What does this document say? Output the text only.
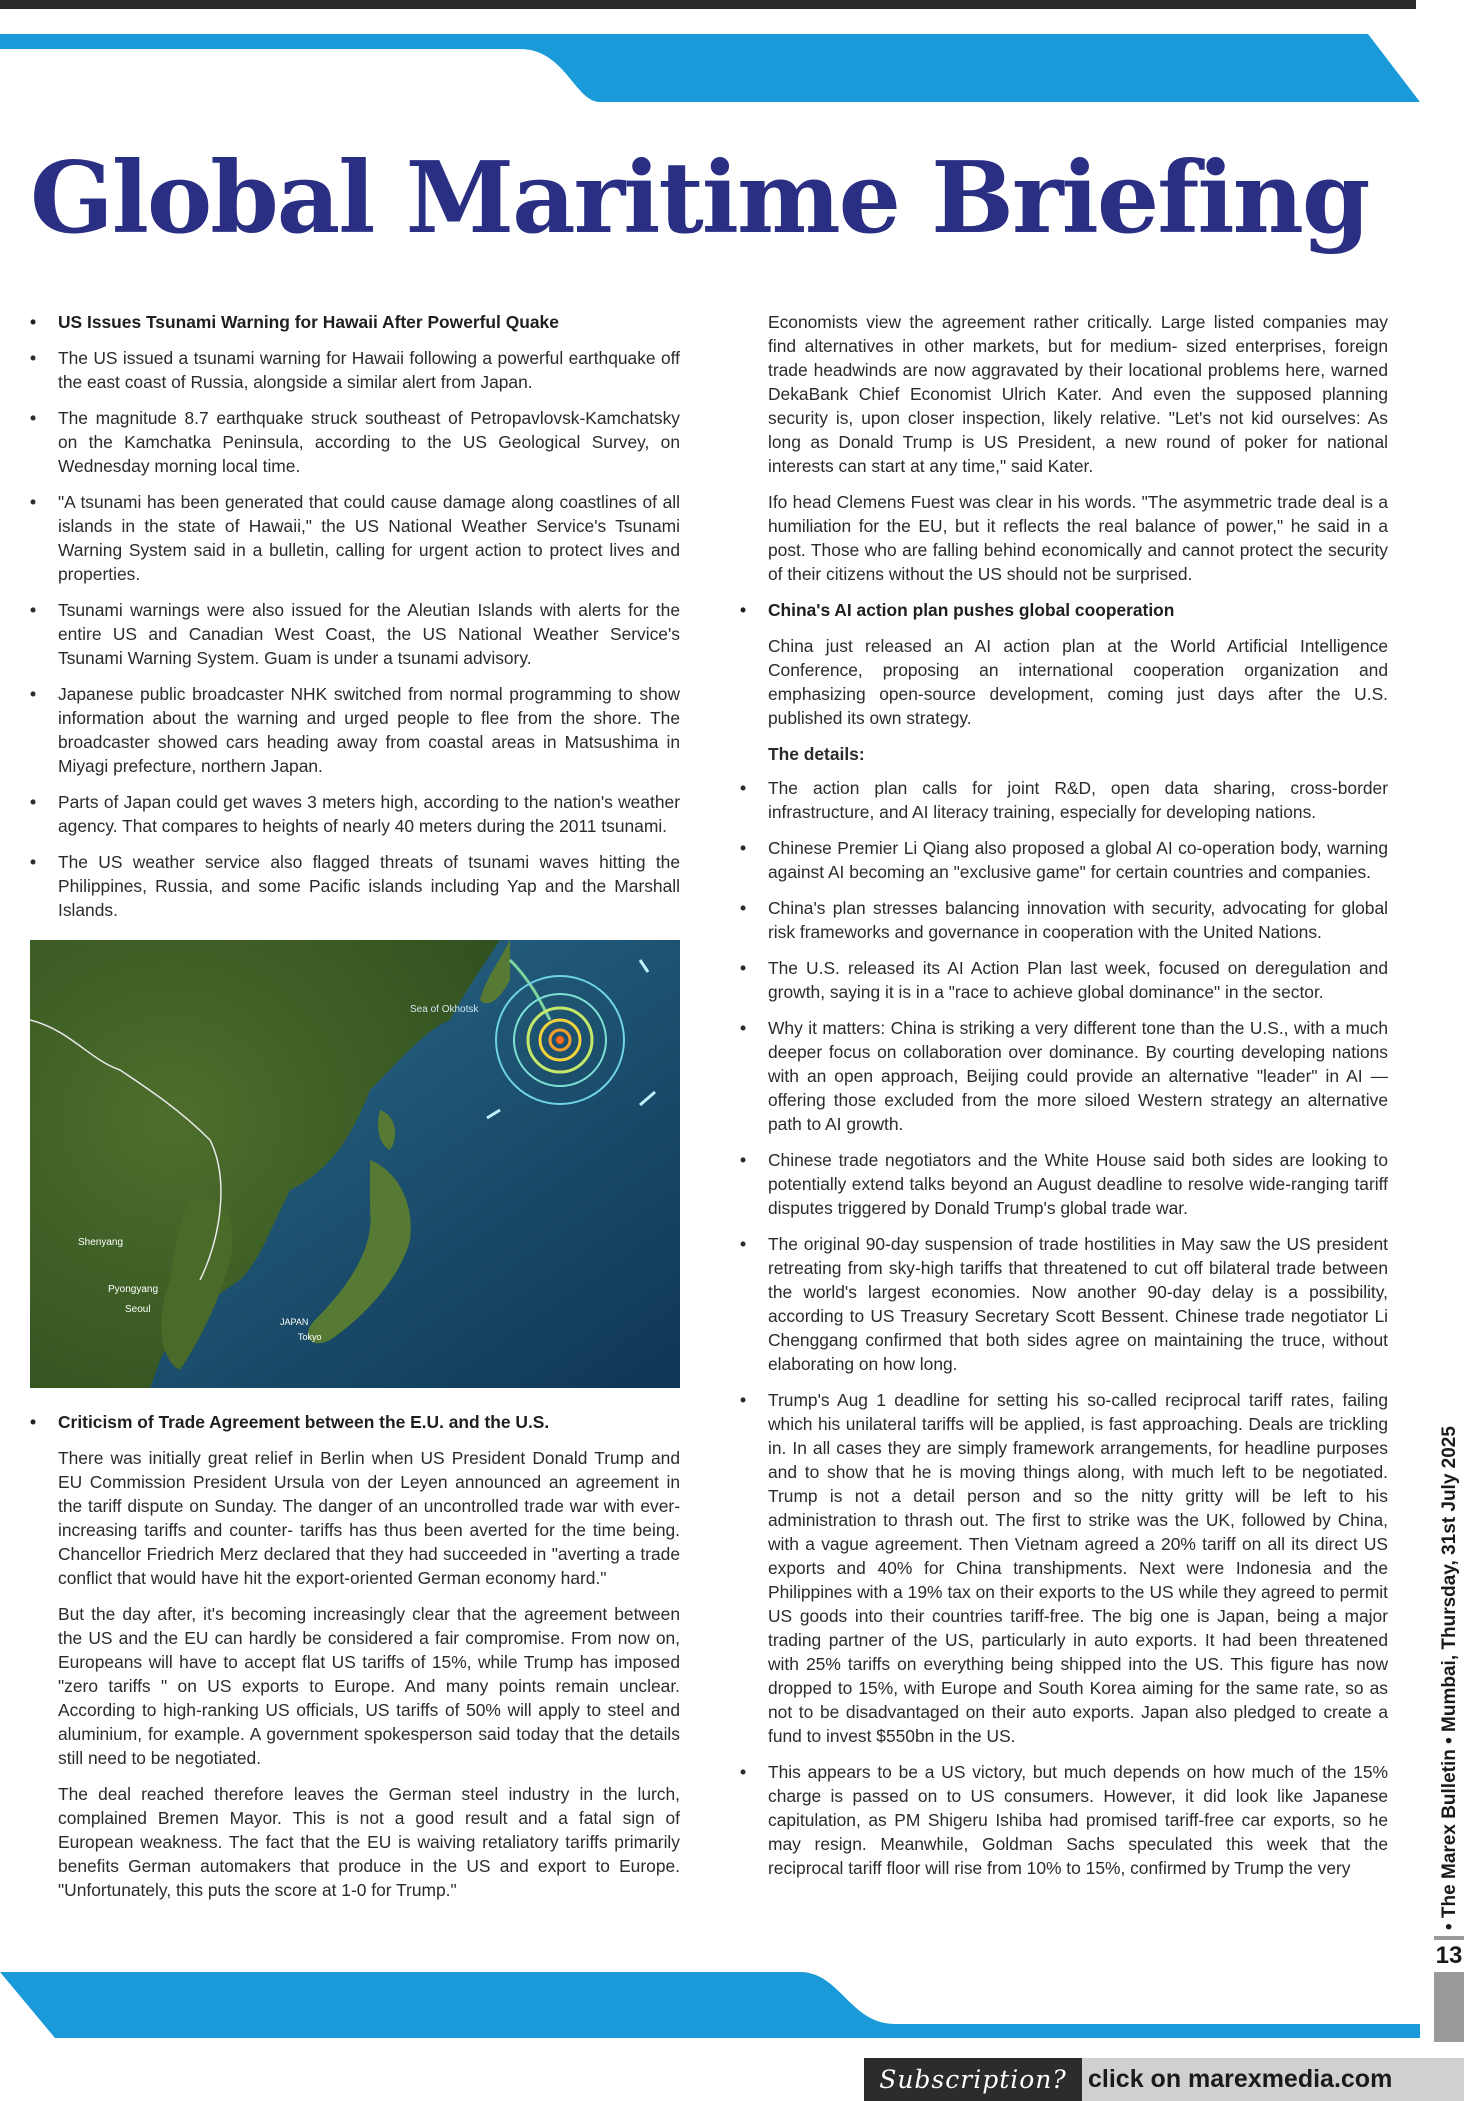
Global Maritime Briefing
• US Issues Tsunami Warning for Hawaii After Powerful Quake
• The US issued a tsunami warning for Hawaii following a powerful earthquake off the east coast of Russia, alongside a similar alert from Japan.
• The magnitude 8.7 earthquake struck southeast of Petropavlovsk-Kamchatsky on the Kamchatka Peninsula, according to the US Geological Survey, on Wednesday morning local time.
• "A tsunami has been generated that could cause damage along coastlines of all islands in the state of Hawaii," the US National Weather Service's Tsunami Warning System said in a bulletin, calling for urgent action to protect lives and properties.
• Tsunami warnings were also issued for the Aleutian Islands with alerts for the entire US and Canadian West Coast, the US National Weather Service's Tsunami Warning System. Guam is under a tsunami advisory.
• Japanese public broadcaster NHK switched from normal programming to show information about the warning and urged people to flee from the shore. The broadcaster showed cars heading away from coastal areas in Matsushima in Miyagi prefecture, northern Japan.
• Parts of Japan could get waves 3 meters high, according to the nation's weather agency. That compares to heights of nearly 40 meters during the 2011 tsunami.
• The US weather service also flagged threats of tsunami waves hitting the Philippines, Russia, and some Pacific islands including Yap and the Marshall Islands.
Sea of Okhotsk
Shenyang
Pyongyang
Seoul
JAPAN
Tokyo
• Criticism of Trade Agreement between the E.U. and the U.S.

There was initially great relief in Berlin when US President Donald Trump and EU Commission President Ursula von der Leyen announced an agreement in the tariff dispute on Sunday. The danger of an uncontrolled trade war with ever-increasing tariffs and counter- tariffs has thus been averted for the time being. Chancellor Friedrich Merz declared that they had succeeded in "averting a trade conflict that would have hit the export-oriented German economy hard."

But the day after, it's becoming increasingly clear that the agreement between the US and the EU can hardly be considered a fair compromise. From now on, Europeans will have to accept flat US tariffs of 15%, while Trump has imposed "zero tariffs " on US exports to Europe. And many points remain unclear. According to high-ranking US officials, US tariffs of 50% will apply to steel and aluminium, for example. A government spokesperson said today that the details still need to be negotiated.

The deal reached therefore leaves the German steel industry in the lurch, complained Bremen Mayor. This is not a good result and a fatal sign of European weakness. The fact that the EU is waiving retaliatory tariffs primarily benefits German automakers that produce in the US and export to Europe. "Unfortunately, this puts the score at 1-0 for Trump."

Economists view the agreement rather critically. Large listed companies may find alternatives in other markets, but for medium- sized enterprises, foreign trade headwinds are now aggravated by their locational problems here, warned DekaBank Chief Economist Ulrich Kater. And even the supposed planning security is, upon closer inspection, likely relative. "Let's not kid ourselves: As long as Donald Trump is US President, a new round of poker for national interests can start at any time," said Kater.

Ifo head Clemens Fuest was clear in his words. "The asymmetric trade deal is a humiliation for the EU, but it reflects the real balance of power," he said in a post. Those who are falling behind economically and cannot protect the security of their citizens without the US should not be surprised.

• China's AI action plan pushes global cooperation

China just released an AI action plan at the World Artificial Intelligence Conference, proposing an international cooperation organization and emphasizing open-source development, coming just days after the U.S. published its own strategy.

The details:

• The action plan calls for joint R&D, open data sharing, cross-border infrastructure, and AI literacy training, especially for developing nations.
• Chinese Premier Li Qiang also proposed a global AI co-operation body, warning against AI becoming an "exclusive game" for certain countries and companies.
• China's plan stresses balancing innovation with security, advocating for global risk frameworks and governance in cooperation with the United Nations.
• The U.S. released its AI Action Plan last week, focused on deregulation and growth, saying it is in a "race to achieve global dominance" in the sector.
• Why it matters: China is striking a very different tone than the U.S., with a much deeper focus on collaboration over dominance. By courting developing nations with an open approach, Beijing could provide an alternative "leader" in AI — offering those excluded from the more siloed Western strategy an alternative path to AI growth.
• Chinese trade negotiators and the White House said both sides are looking to potentially extend talks beyond an August deadline to resolve wide-ranging tariff disputes triggered by Donald Trump's global trade war.
• The original 90-day suspension of trade hostilities in May saw the US president retreating from sky-high tariffs that threatened to cut off bilateral trade between the world's largest economies. Now another 90-day delay is a possibility, according to US Treasury Secretary Scott Bessent. Chinese trade negotiator Li Chenggang confirmed that both sides agree on maintaining the truce, without elaborating on how long.
• Trump's Aug 1 deadline for setting his so-called reciprocal tariff rates, failing which his unilateral tariffs will be applied, is fast approaching. Deals are trickling in. In all cases they are simply framework arrangements, for headline purposes and to show that he is moving things along, with much left to be negotiated. Trump is not a detail person and so the nitty gritty will be left to his administration to thrash out. The first to strike was the UK, followed by China, with a vague agreement. Then Vietnam agreed a 20% tariff on all its direct US exports and 40% for China transhipments. Next were Indonesia and the Philippines with a 19% tax on their exports to the US while they agreed to permit US goods into their countries tariff-free. The big one is Japan, being a major trading partner of the US, particularly in auto exports. It had been threatened with 25% tariffs on everything being shipped into the US. This figure has now dropped to 15%, with Europe and South Korea aiming for the same rate, so as not to be disadvantaged on their auto exports. Japan also pledged to create a fund to invest $550bn in the US.
• This appears to be a US victory, but much depends on how much of the 15% charge is passed on to US consumers. However, it did look like Japanese capitulation, as PM Shigeru Ishiba had promised tariff-free car exports, so he may resign. Meanwhile, Goldman Sachs speculated this week that the reciprocal tariff floor will rise from 10% to 15%, confirmed by Trump the very	• The Marex Bulletin • Mumbai, Thursday, 31st July 2025
13
Subscription? click on marexmedia.com
